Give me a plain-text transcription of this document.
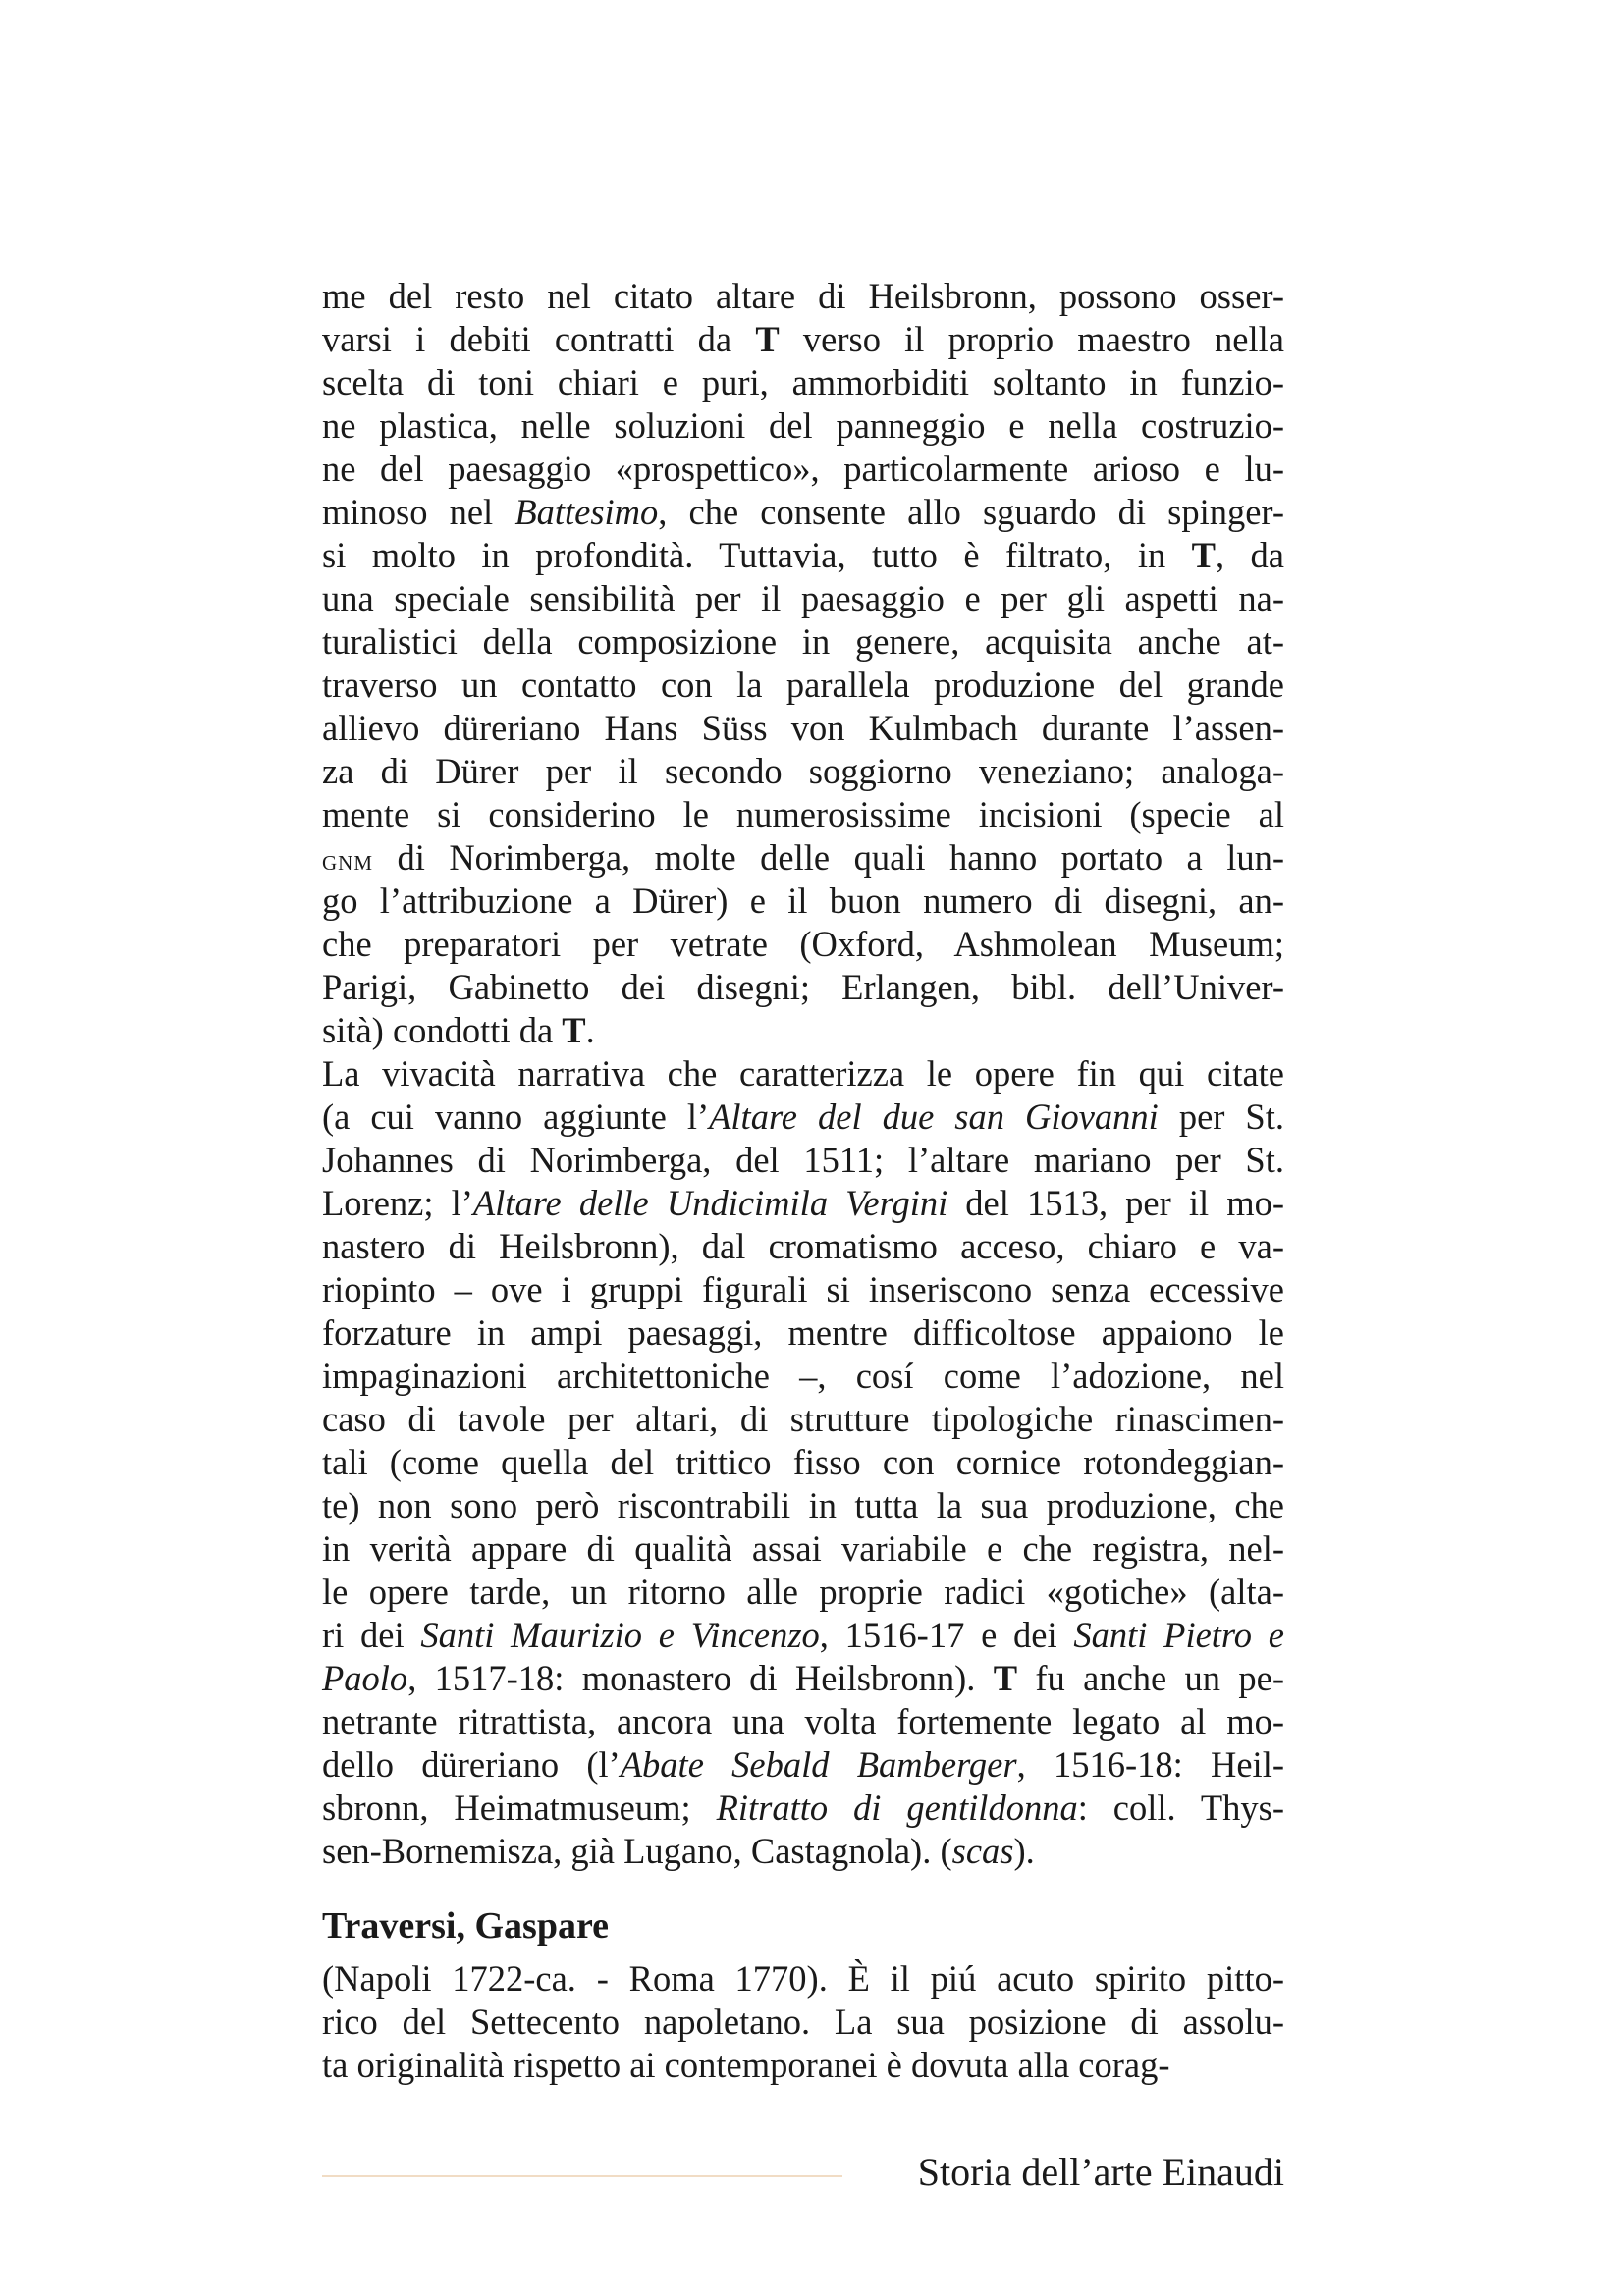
me del resto nel citato altare di Heilsbronn, possono osser-
varsi i debiti contratti da T verso il proprio maestro nella
scelta di toni chiari e puri, ammorbiditi soltanto in funzio-
ne plastica, nelle soluzioni del panneggio e nella costruzio-
ne del paesaggio «prospettico», particolarmente arioso e lu-
minoso nel Battesimo, che consente allo sguardo di spinger-
si molto in profondità. Tuttavia, tutto è filtrato, in T, da
una speciale sensibilità per il paesaggio e per gli aspetti na-
turalistici della composizione in genere, acquisita anche at-
traverso un contatto con la parallela produzione del grande
allievo düreriano Hans Süss von Kulmbach durante l’assen-
za di Dürer per il secondo soggiorno veneziano; analoga-
mente si considerino le numerosissime incisioni (specie al
gnm di Norimberga, molte delle quali hanno portato a lun-
go l’attribuzione a Dürer) e il buon numero di disegni, an-
che preparatori per vetrate (Oxford, Ashmolean Museum;
Parigi, Gabinetto dei disegni; Erlangen, bibl. dell’Univer-
sità) condotti da T.
La vivacità narrativa che caratterizza le opere fin qui citate
(a cui vanno aggiunte l’Altare del due san Giovanni per St.
Johannes di Norimberga, del 1511; l’altare mariano per St.
Lorenz; l’Altare delle Undicimila Vergini del 1513, per il mo-
nastero di Heilsbronn), dal cromatismo acceso, chiaro e va-
riopinto – ove i gruppi figurali si inseriscono senza eccessive
forzature in ampi paesaggi, mentre difficoltose appaiono le
impaginazioni architettoniche –, cosí come l’adozione, nel
caso di tavole per altari, di strutture tipologiche rinascimen-
tali (come quella del trittico fisso con cornice rotondeggian-
te) non sono però riscontrabili in tutta la sua produzione, che
in verità appare di qualità assai variabile e che registra, nel-
le opere tarde, un ritorno alle proprie radici «gotiche» (alta-
ri dei Santi Maurizio e Vincenzo, 1516-17 e dei Santi Pietro e
Paolo, 1517-18: monastero di Heilsbronn). T fu anche un pe-
netrante ritrattista, ancora una volta fortemente legato al mo-
dello düreriano (l’Abate Sebald Bamberger, 1516-18: Heil-
sbronn, Heimatmuseum; Ritratto di gentildonna: coll. Thys-
sen-Bornemisza, già Lugano, Castagnola). (scas).
Traversi, Gaspare
(Napoli 1722-ca. - Roma 1770). È il piú acuto spirito pitto-
rico del Settecento napoletano. La sua posizione di assolu-
ta originalità rispetto ai contemporanei è dovuta alla corag-
Storia dell’arte Einaudi
